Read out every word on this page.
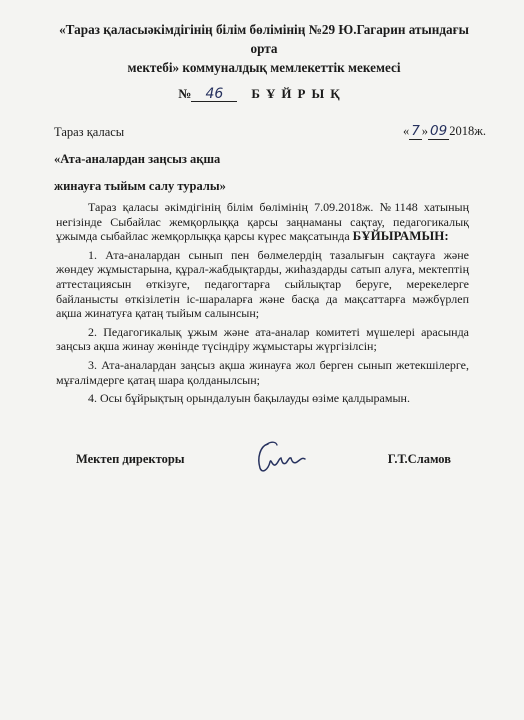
«Тараз қаласыәкімдігінің білім бөлімінің №29 Ю.Гагарин атындағы орта
мектебі» коммуналдық мемлекеттік мекемесі
№ 46 БҰЙРЫҚ
Тараз қаласы	« 7 » 09 2018ж.
«Ата-аналардан заңсыз ақша
жинауға тыйым салу туралы»

Тараз қаласы әкімдігінің білім бөлімінің 7.09.2018ж. №1148 хатының негізінде Сыбайлас жемқорлыққа қарсы заңнаманы сақтау, педагогикалық ұжымда сыбайлас жемқорлыққа қарсы күрес мақсатында БҰЙЫРАМЫН:

1. Ата-аналардан сынып пен бөлмелердің тазалығын сақтауға және жөндеу жұмыстарына, құрал-жабдықтарды, жиһаздарды сатып алуға, мектептің аттестациясын өткізуге, педагогтарға сыйлықтар беруге, мерекелерге байланысты өткізілетін іс-шараларға және басқа да мақсаттарға мәжбүрлеп ақша жинатуға қатаң тыйым салынсын;

2. Педагогикалық ұжым және ата-аналар комитеті мүшелері арасында заңсыз ақша жинау жөнінде түсіндіру жұмыстары жүргізілсін;

3. Ата-аналардан заңсыз ақша жинауға жол берген сынып жетекшілерге, мұғалімдерге қатаң шара қолданылсын;

4. Осы бұйрықтың орындалуын бақылауды өзіме қалдырамын.

Мектеп директоры	Г.Т.Сламов
